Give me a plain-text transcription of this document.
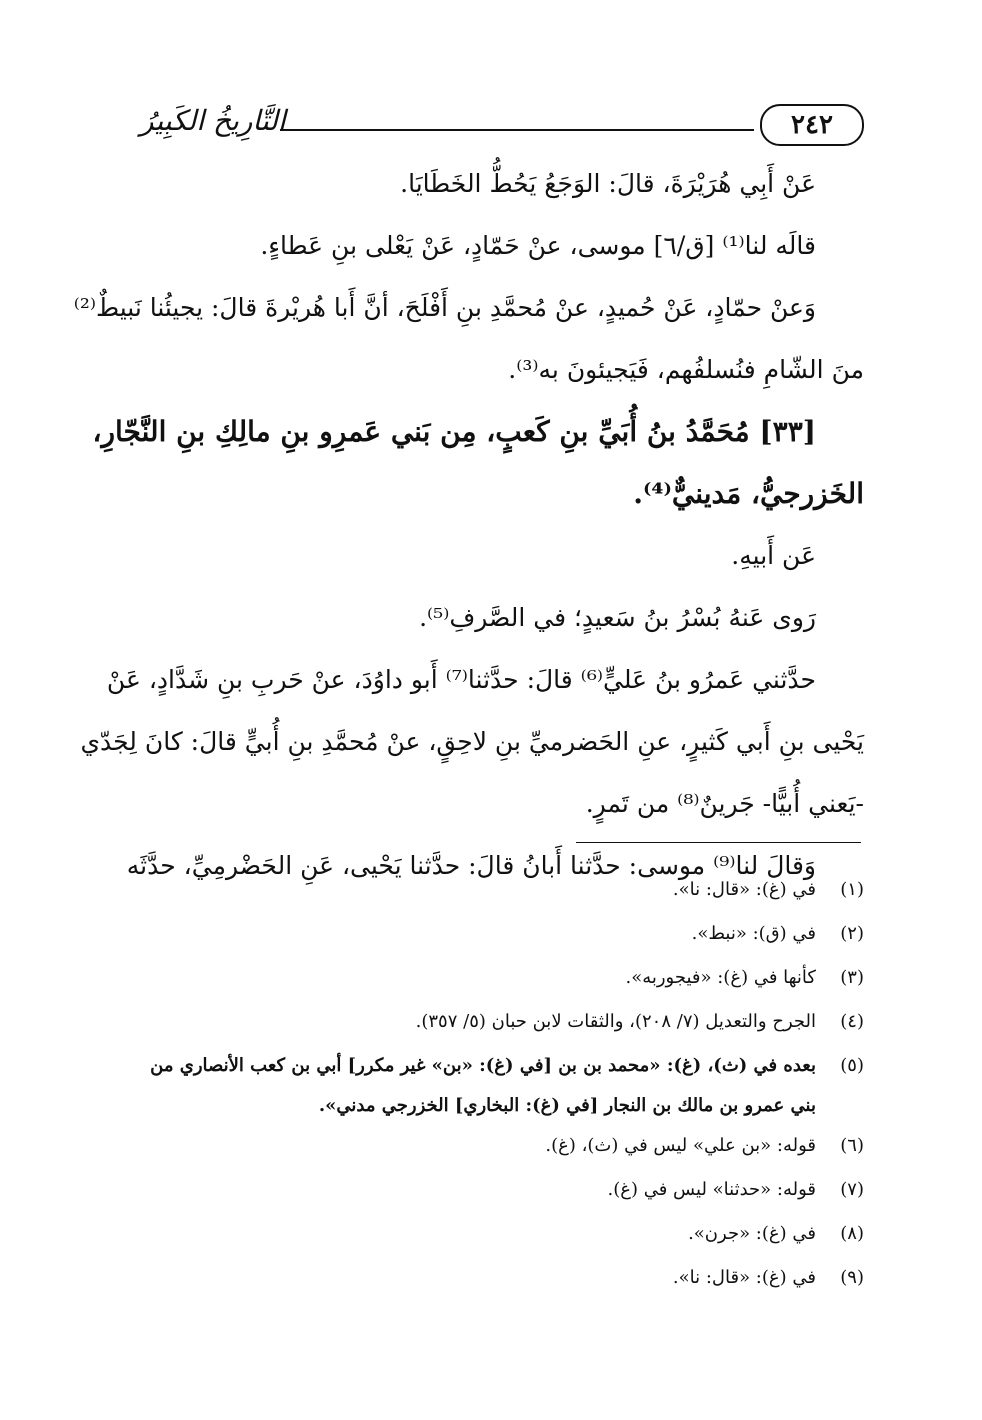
التَّارِيخُ الكَبِيرُ	٢٤٢
عَنْ أَبِي هُرَيْرَةَ، قالَ: الوَجَعُ يَحُطُّ الخَطَايَا.
قالَه لنا⁽¹⁾ [ق/٦] موسى، عنْ حَمّادٍ، عَنْ يَعْلى بنِ عَطاءٍ.
وَعنْ حمّادٍ، عَنْ حُميدٍ، عنْ مُحمَّدِ بنِ أَفْلَحَ، أنَّ أَبا هُريْرةَ قالَ: يجيئُنا نَبيطٌ⁽²⁾
منَ الشّامِ فنُسلفُهم، فَيَجيئونَ به⁽³⁾.
[٣٣] مُحَمَّدُ بنُ أُبَيِّ بنِ كَعبٍ، مِن بَني عَمرِو بنِ مالِكِ بنِ النَّجّارِ،
الخَزرجيُّ، مَدينيٌّ⁽⁴⁾.
عَن أَبيهِ.
رَوى عَنهُ بُسْرُ بنُ سَعيدٍ؛ في الصَّرفِ⁽⁵⁾.
حدَّثني عَمرُو بنُ عَليٍّ⁽⁶⁾ قالَ: حدَّثنا⁽⁷⁾ أَبو داوُدَ، عنْ حَربِ بنِ شَدَّادٍ، عَنْ
يَحْيى بنِ أَبي كَثيرٍ، عنِ الحَضرميِّ بنِ لاحِقٍ، عنْ مُحمَّدِ بنِ أُبيٍّ قالَ: كانَ لِجَدّي
-يَعني أُبيًّا- جَرينٌ⁽⁸⁾ من تَمرٍ.
وَقالَ لنا⁽⁹⁾ موسى: حدَّثنا أَبانُ قالَ: حدَّثنا يَحْيى، عَنِ الحَضْرمِيِّ، حدَّثَه
(١)
في (غ): «قال: نا».
(٢)
في (ق): «نبط».
(٣)
كأنها في (غ): «فيجوربه».
(٤)
الجرح والتعديل (٧/ ٢٠٨)، والثقات لابن حبان (٥/ ٣٥٧).
(٥)
بعده في (ث)، (غ): «محمد بن بن [في (غ): «بن» غير مكرر] أبي بن كعب الأنصاري من بني عمرو بن مالك بن النجار [في (غ): البخاري] الخزرجي مدني».
(٦)
قوله: «بن علي» ليس في (ث)، (غ).
(٧)
قوله: «حدثنا» ليس في (غ).
(٨)
في (غ): «جرن».
(٩)
في (غ): «قال: نا».
